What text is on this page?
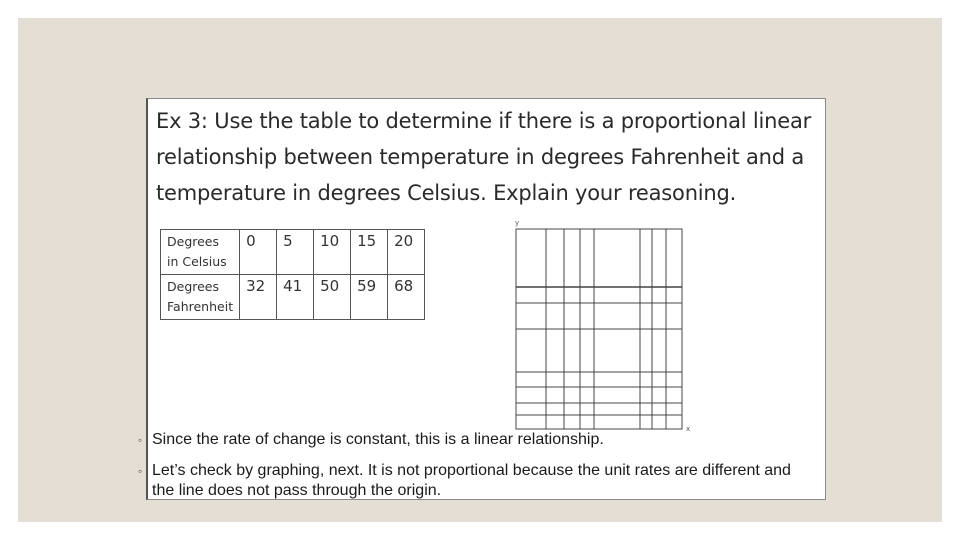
Ex 3: Use the table to determine if there is a proportional linear relationship between temperature in degrees Fahrenheit and a temperature in degrees Celsius. Explain your reasoning.

Degrees in Celsius	0	5	10	15	20
Degrees Fahrenheit	32	41	50	59	68
y
x
◦ Since the rate of change is constant, this is a linear relationship.
◦ Let’s check by graphing, next. It is not proportional because the unit rates are different and the line does not pass through the origin.
